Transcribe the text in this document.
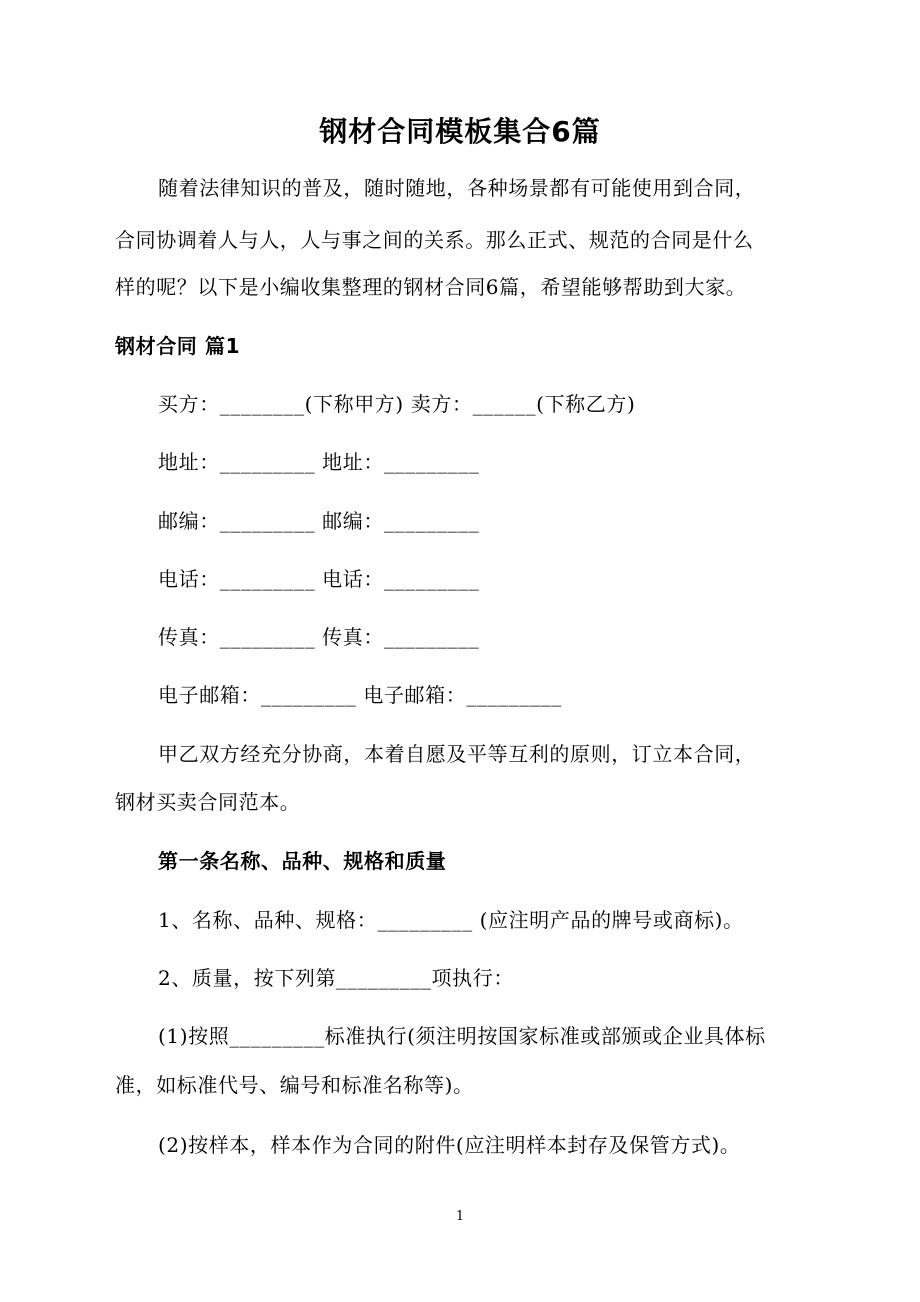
钢材合同模板集合6篇
随着法律知识的普及，随时随地，各种场景都有可能使用到合同，
合同协调着人与人，人与事之间的关系。那么正式、规范的合同是什么
样的呢？以下是小编收集整理的钢材合同6篇，希望能够帮助到大家。
钢材合同 篇1
买方：________(下称甲方) 卖方：______(下称乙方)
地址：_________ 地址：_________
邮编：_________ 邮编：_________
电话：_________ 电话：_________
传真：_________ 传真：_________
电子邮箱：_________ 电子邮箱：_________
甲乙双方经充分协商，本着自愿及平等互利的原则，订立本合同，
钢材买卖合同范本。
第一条名称、品种、规格和质量
1、名称、品种、规格：_________ (应注明产品的牌号或商标)。
2、质量，按下列第_________项执行：
(1)按照_________标准执行(须注明按国家标准或部颁或企业具体标
准，如标准代号、编号和标准名称等)。
(2)按样本，样本作为合同的附件(应注明样本封存及保管方式)。
1
